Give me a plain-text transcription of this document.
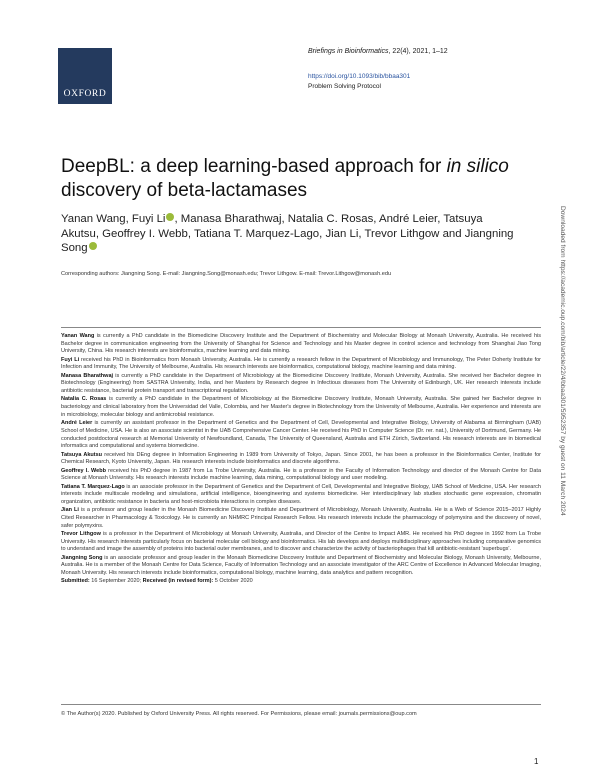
OXFORD
Briefings in Bioinformatics, 22(4), 2021, 1–12
https://doi.org/10.1093/bib/bbaa301
Problem Solving Protocol
DeepBL: a deep learning-based approach for in silico discovery of beta-lactamases
Yanan Wang, Fuyi Li , Manasa Bharathwaj, Natalia C. Rosas, André Leier, Tatsuya Akutsu, Geoffrey I. Webb, Tatiana T. Marquez-Lago, Jian Li, Trevor Lithgow and Jiangning Song
Corresponding authors: Jiangning Song. E-mail: Jiangning.Song@monash.edu; Trevor Lithgow. E-mail: Trevor.Lithgow@monash.edu

Yanan Wang is currently a PhD candidate in the Biomedicine Discovery Institute and the Department of Biochemistry and Molecular Biology at Monash University, Australia. He received his Bachelor degree in communication engineering from the University of Shanghai for Science and Technology and his Master degree in control science and technology from Shanghai Jiao Tong University, China. His research interests are bioinformatics, machine learning and data mining.

Fuyi Li received his PhD in Bioinformatics from Monash University, Australia. He is currently a research fellow in the Department of Microbiology and Immunology, The Peter Doherty Institute for Infection and Immunity, The University of Melbourne, Australia. His research interests are bioinformatics, computational biology, machine learning and data mining.

Manasa Bharathwaj is currently a PhD candidate in the Department of Microbiology at the Biomedicine Discovery Institute, Monash University, Australia. She received her Bachelor degree in Biotechnology (Engineering) from SASTRA University, India, and her Masters by Research degree in Infectious diseases from The University of Edinburgh, UK. Her research interests include antibiotic resistance, bacterial protein transport and transcriptional regulation.

Natalia C. Rosas is currently a PhD candidate in the Department of Microbiology at the Biomedicine Discovery Institute, Monash University, Australia. She gained her Bachelor degree in bacteriology and clinical laboratory from the Universidad del Valle, Colombia, and her Master's degree in Biotechnology from the University of Melbourne, Australia. Her experience and interests are in microbiology, molecular biology and antimicrobial resistance.

André Leier is currently an assistant professor in the Department of Genetics and the Department of Cell, Developmental and Integrative Biology, University of Alabama at Birmingham (UAB) School of Medicine, USA. He is also an associate scientist in the UAB Comprehensive Cancer Center. He received his PhD in Computer Science (Dr. rer. nat.), University of Dortmund, Germany. He conducted postdoctoral research at Memorial University of Newfoundland, Canada, The University of Queensland, Australia and ETH Zürich, Switzerland. His research interests are in biomedical informatics and computational and systems biomedicine.

Tatsuya Akutsu received his DEng degree in Information Engineering in 1989 from University of Tokyo, Japan. Since 2001, he has been a professor in the Bioinformatics Center, Institute for Chemical Research, Kyoto University, Japan. His research interests include bioinformatics and discrete algorithms.

Geoffrey I. Webb received his PhD degree in 1987 from La Trobe University, Australia. He is a professor in the Faculty of Information Technology and director of the Monash Centre for Data Science at Monash University. His research interests include machine learning, data mining, computational biology and user modeling.

Tatiana T. Marquez-Lago is an associate professor in the Department of Genetics and the Department of Cell, Developmental and Integrative Biology, UAB School of Medicine, USA. Her research interests include multiscale modeling and simulations, artificial intelligence, bioengineering and systems biomedicine. Her interdisciplinary lab studies stochastic gene expression, chromatin organization, antibiotic resistance in bacteria and host-microbiota interactions in complex diseases.

Jian Li is a professor and group leader in the Monash Biomedicine Discovery Institute and Department of Microbiology, Monash University, Australia. He is a Web of Science 2015–2017 Highly Cited Researcher in Pharmacology & Toxicology. He is currently an NHMRC Principal Research Fellow. His research interests include the pharmacology of polymyxins and the discovery of novel, safer polymyxins.

Trevor Lithgow is a professor in the Department of Microbiology at Monash University, Australia, and Director of the Centre to Impact AMR. He received his PhD degree in 1992 from La Trobe University. His research interests particularly focus on bacterial molecular cell biology and bioinformatics. His lab develops and deploys multidisciplinary approaches including comparative genomics to understand and image the assembly of proteins into bacterial outer membranes, and to discover and characterize the activity of bacteriophages that kill antibiotic-resistant 'superbugs'.

Jiangning Song is an associate professor and group leader in the Monash Biomedicine Discovery Institute and Department of Biochemistry and Molecular Biology, Monash University, Melbourne, Australia. He is a member of the Monash Centre for Data Science, Faculty of Information Technology and an associate investigator of the ARC Centre of Excellence in Advanced Molecular Imaging, Monash University. His research interests include bioinformatics, computational biology, machine learning, data analytics and pattern recognition.

Submitted: 16 September 2020; Received (in revised form): 5 October 2020

© The Author(s) 2020. Published by Oxford University Press. All rights reserved. For Permissions, please email: journals.permissions@oup.com
1
Downloaded from https://academic.oup.com/bib/article/22/4/bbaa301/5952357 by guest on 11 March 2024
